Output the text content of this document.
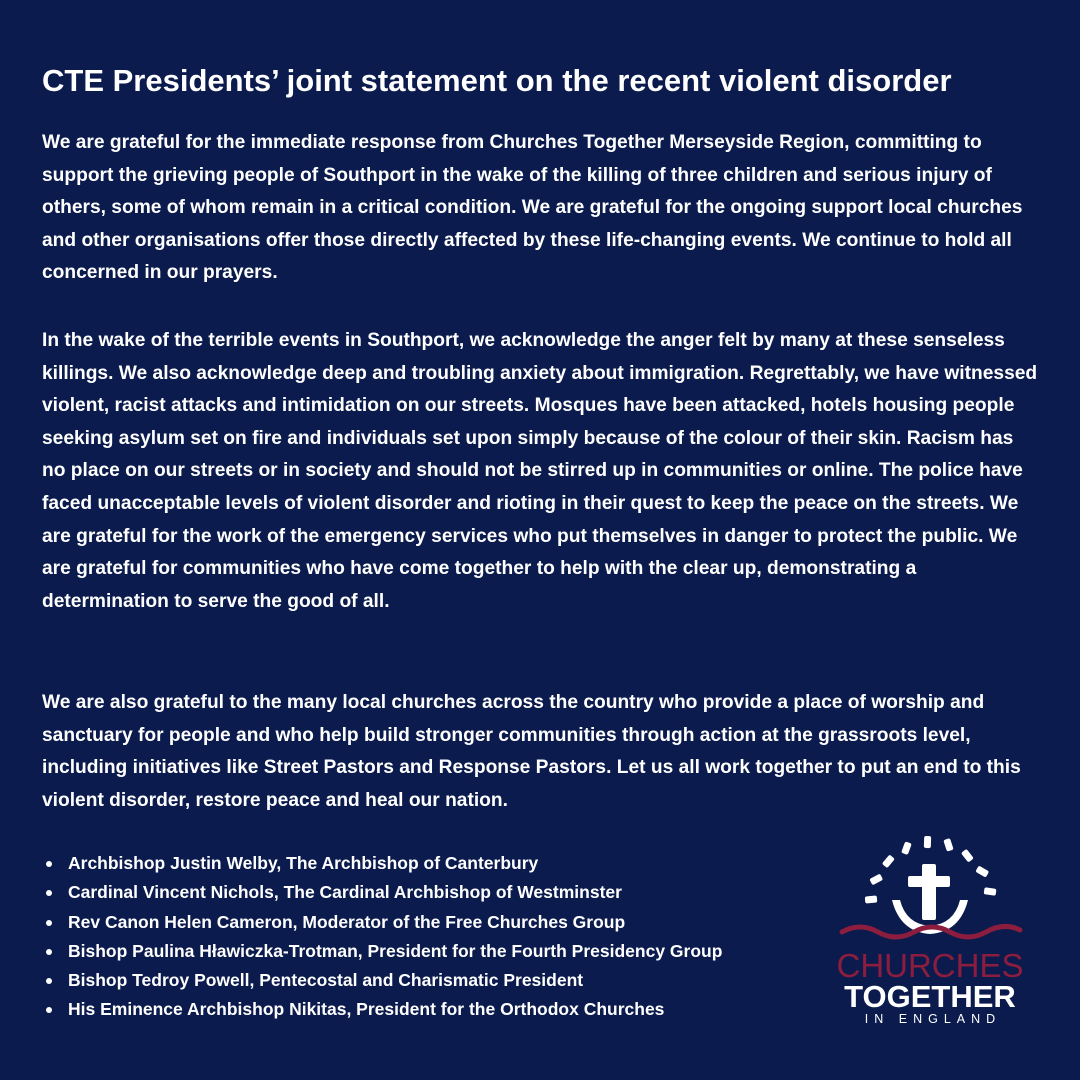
CTE Presidents’ joint statement on the recent violent disorder

We are grateful for the immediate response from Churches Together Merseyside Region, committing to support the grieving people of Southport in the wake of the killing of three children and serious injury of others, some of whom remain in a critical condition. We are grateful for the ongoing support local churches and other organisations offer those directly affected by these life-changing events. We continue to hold all concerned in our prayers.

In the wake of the terrible events in Southport, we acknowledge the anger felt by many at these senseless killings. We also acknowledge deep and troubling anxiety about immigration. Regrettably, we have witnessed violent, racist attacks and intimidation on our streets. Mosques have been attacked, hotels housing people seeking asylum set on fire and individuals set upon simply because of the colour of their skin. Racism has no place on our streets or in society and should not be stirred up in communities or online. The police have faced unacceptable levels of violent disorder and rioting in their quest to keep the peace on the streets. We are grateful for the work of the emergency services who put themselves in danger to protect the public. We are grateful for communities who have come together to help with the clear up, demonstrating a determination to serve the good of all.

We are also grateful to the many local churches across the country who provide a place of worship and sanctuary for people and who help build stronger communities through action at the grassroots level, including initiatives like Street Pastors and Response Pastors. Let us all work together to put an end to this violent disorder, restore peace and heal our nation.

Archbishop Justin Welby, The Archbishop of Canterbury
Cardinal Vincent Nichols, The Cardinal Archbishop of Westminster
Rev Canon Helen Cameron, Moderator of the Free Churches Group
Bishop Paulina Hławiczka-Trotman, President for the Fourth Presidency Group
Bishop Tedroy Powell, Pentecostal and Charismatic President
His Eminence Archbishop Nikitas, President for the Orthodox Churches
CHURCHES
TOGETHER
IN ENGLAND
